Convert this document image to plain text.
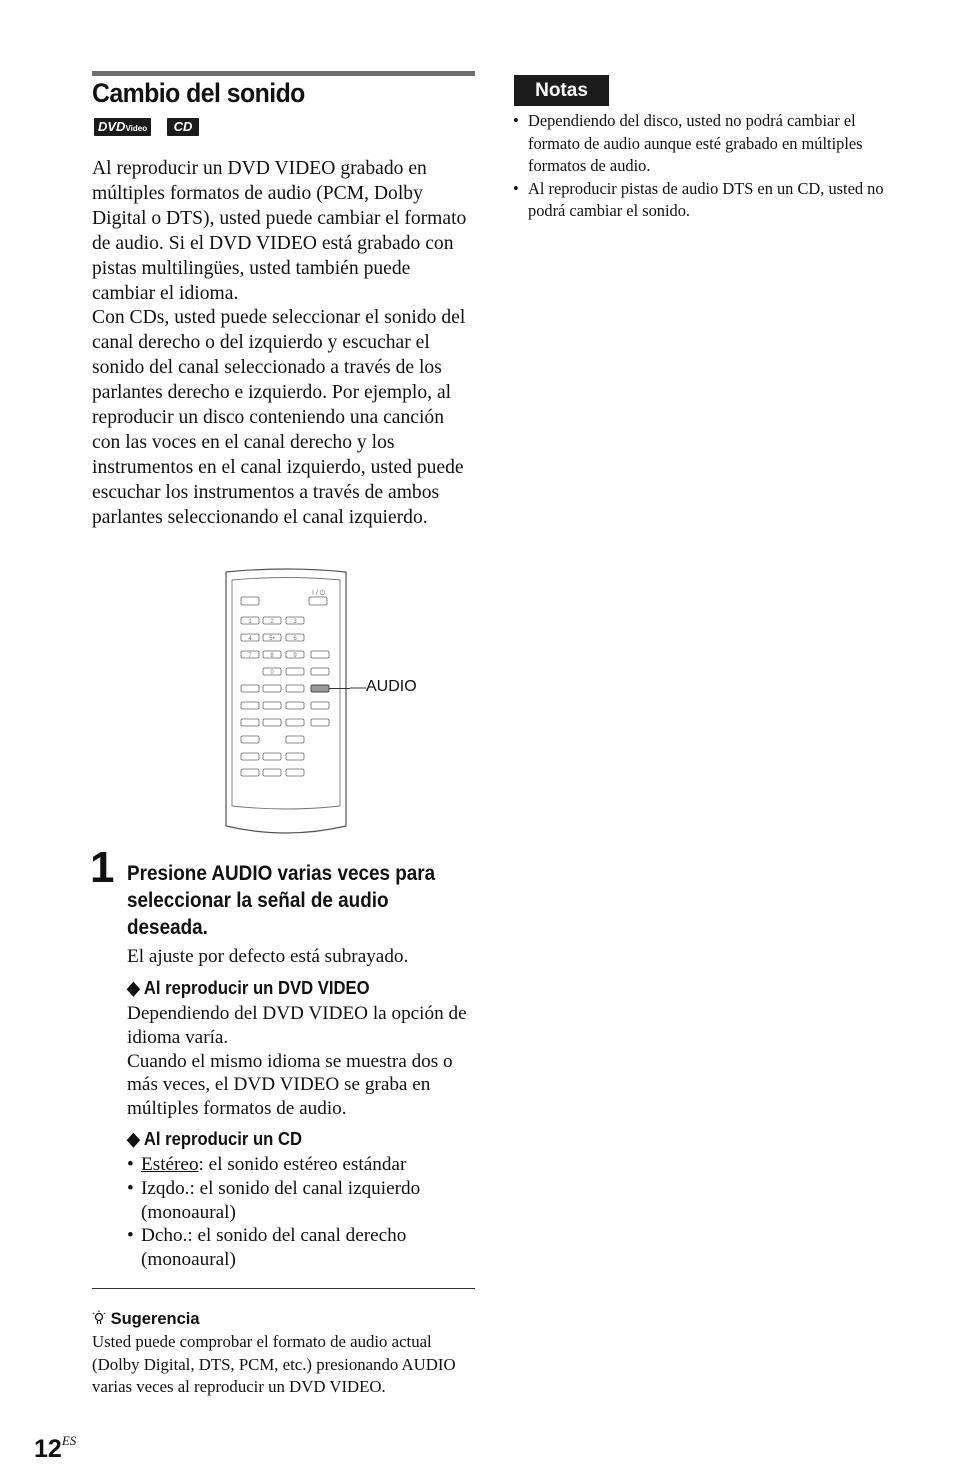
Cambio del sonido
DVDVideo	CD

Al reproducir un DVD VIDEO grabado en múltiples formatos de audio (PCM, Dolby Digital o DTS), usted puede cambiar el formato de audio. Si el DVD VIDEO está grabado con pistas multilingües, usted también puede cambiar el idioma.

Con CDs, usted puede seleccionar el sonido del canal derecho o del izquierdo y escuchar el sonido del canal seleccionado a través de los parlantes derecho e izquierdo. Por ejemplo, al reproducir un disco conteniendo una canción con las voces en el canal derecho y los instrumentos en el canal izquierdo, usted puede escuchar los instrumentos a través de ambos parlantes seleccionando el canal izquierdo.

I / ⏻
1	2	3
4	5•	6
7	8	9
0
AUDIO
1 Presione AUDIO varias veces para seleccionar la señal de audio deseada.
El ajuste por defecto está subrayado.
◆ Al reproducir un DVD VIDEO
Dependiendo del DVD VIDEO la opción de idioma varía.
Cuando el mismo idioma se muestra dos o más veces, el DVD VIDEO se graba en múltiples formatos de audio.
◆ Al reproducir un CD
• Estéreo: el sonido estéreo estándar
• Izqdo.: el sonido del canal izquierdo (monoaural)
• Dcho.: el sonido del canal derecho (monoaural)
Sugerencia
Usted puede comprobar el formato de audio actual (Dolby Digital, DTS, PCM, etc.) presionando AUDIO varias veces al reproducir un DVD VIDEO.
Notas
• Dependiendo del disco, usted no podrá cambiar el formato de audio aunque esté grabado en múltiples formatos de audio.
• Al reproducir pistas de audio DTS en un CD, usted no podrá cambiar el sonido.
$12^{ES}$
